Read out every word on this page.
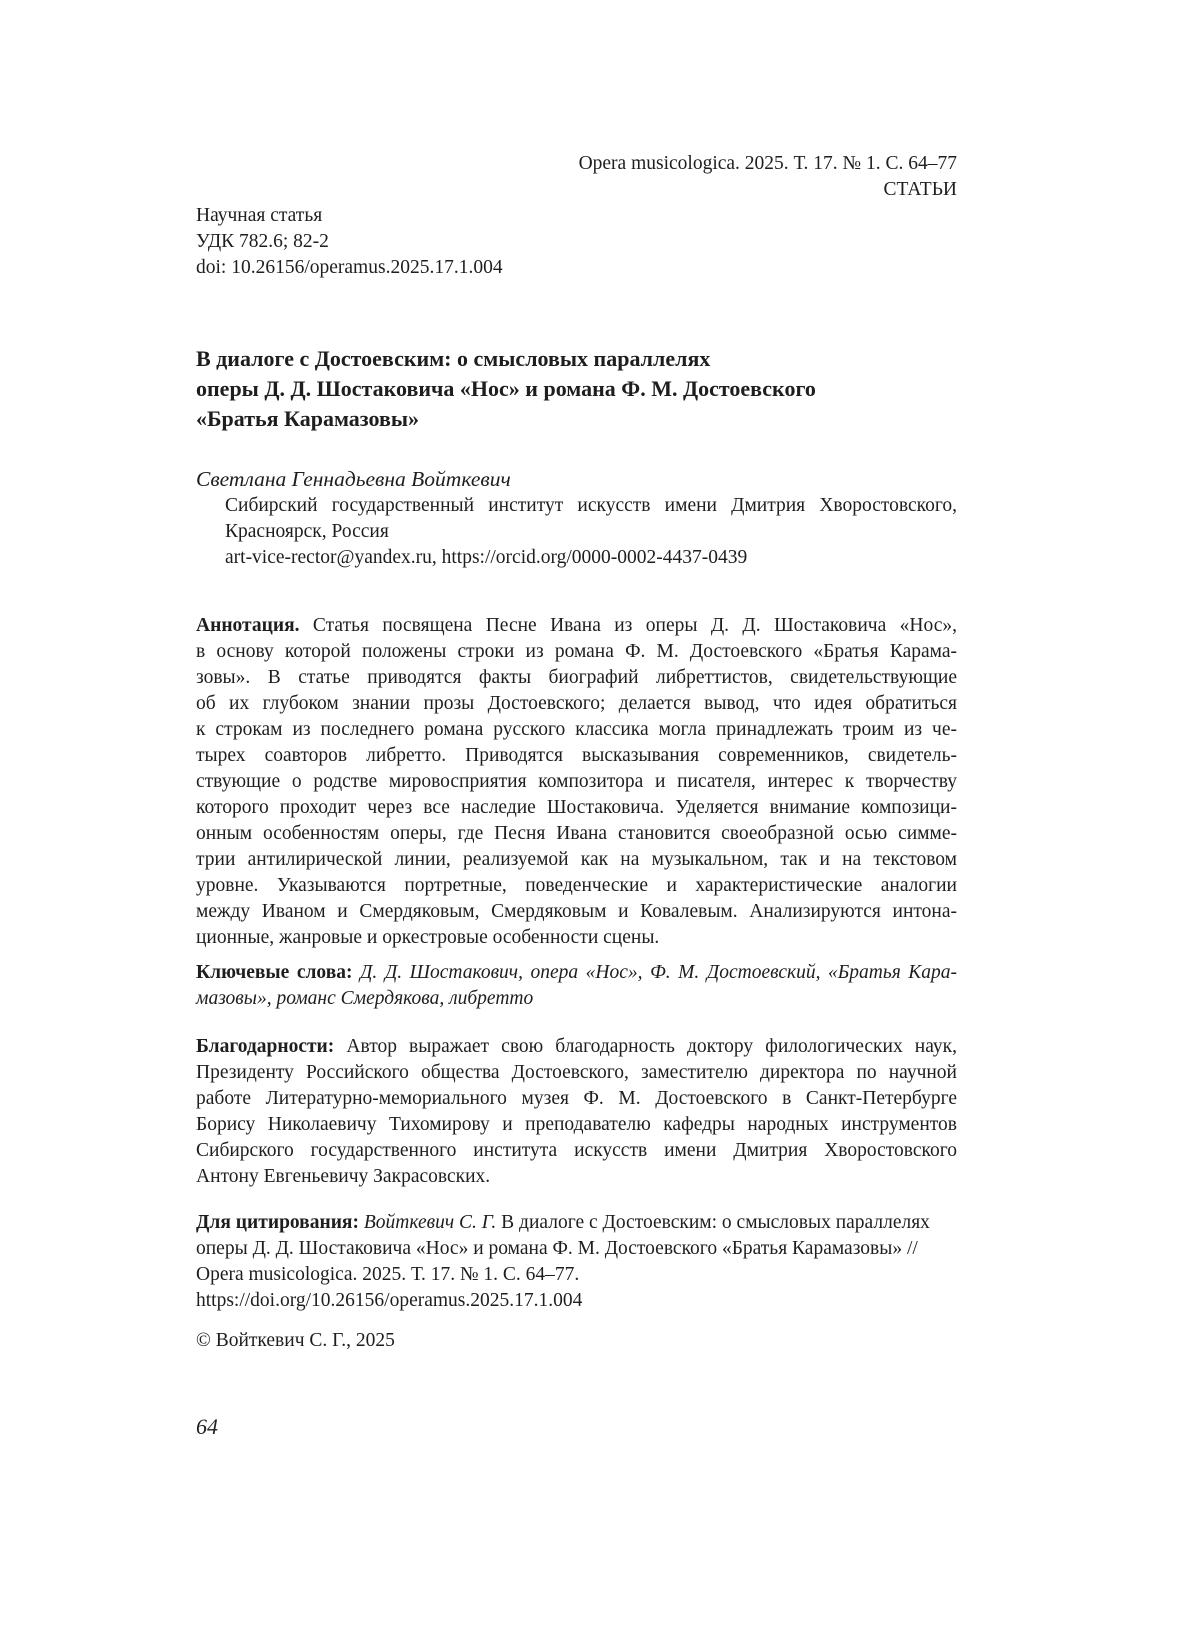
Opera musicologica. 2025. Т. 17. № 1. С. 64–77
СТАТЬИ
Научная статья
УДК 782.6; 82-2
doi: 10.26156/operamus.2025.17.1.004
В диалоге с Достоевским: о смысловых параллелях
оперы Д. Д. Шостаковича «Нос» и романа Ф. М. Достоевского
«Братья Карамазовы»
Светлана Геннадьевна Войткевич
Сибирский государственный институт искусств имени Дмитрия Хворостовского,
Красноярск, Россия
art-vice-rector@yandex.ru, https://orcid.org/0000-0002-4437-0439
Аннотация. Статья посвящена Песне Ивана из оперы Д. Д. Шостаковича «Нос»,
в основу которой положены строки из романа Ф. М. Достоевского «Братья Карама-
зовы». В статье приводятся факты биографий либреттистов, свидетельствующие
об их глубоком знании прозы Достоевского; делается вывод, что идея обратиться
к строкам из последнего романа русского классика могла принадлежать троим из че-
тырех соавторов либретто. Приводятся высказывания современников, свидетель-
ствующие о родстве мировосприятия композитора и писателя, интерес к творчеству
которого проходит через все наследие Шостаковича. Уделяется внимание композици-
онным особенностям оперы, где Песня Ивана становится своеобразной осью симме-
трии антилирической линии, реализуемой как на музыкальном, так и на текстовом
уровне. Указываются портретные, поведенческие и характеристические аналогии
между Иваном и Смердяковым, Смердяковым и Ковалевым. Анализируются интона-
ционные, жанровые и оркестровые особенности сцены.
Ключевые слова: Д. Д. Шостакович, опера «Нос», Ф. М. Достоевский, «Братья Кара-
мазовы», романс Смердякова, либретто
Благодарности: Автор выражает свою благодарность доктору филологических наук,
Президенту Российского общества Достоевского, заместителю директора по научной
работе Литературно-мемориального музея Ф. М. Достоевского в Санкт-Петербурге
Борису Николаевичу Тихомирову и преподавателю кафедры народных инструментов
Сибирского государственного института искусств имени Дмитрия Хворостовского
Антону Евгеньевичу Закрасовских.
Для цитирования: Войткевич С. Г. В диалоге с Достоевским: о смысловых параллелях
оперы Д. Д. Шостаковича «Нос» и романа Ф. М. Достоевского «Братья Карамазовы» //
Opera musicologica. 2025. Т. 17. № 1. С. 64–77.
https://doi.org/10.26156/operamus.2025.17.1.004
© Войткевич С. Г., 2025
64
